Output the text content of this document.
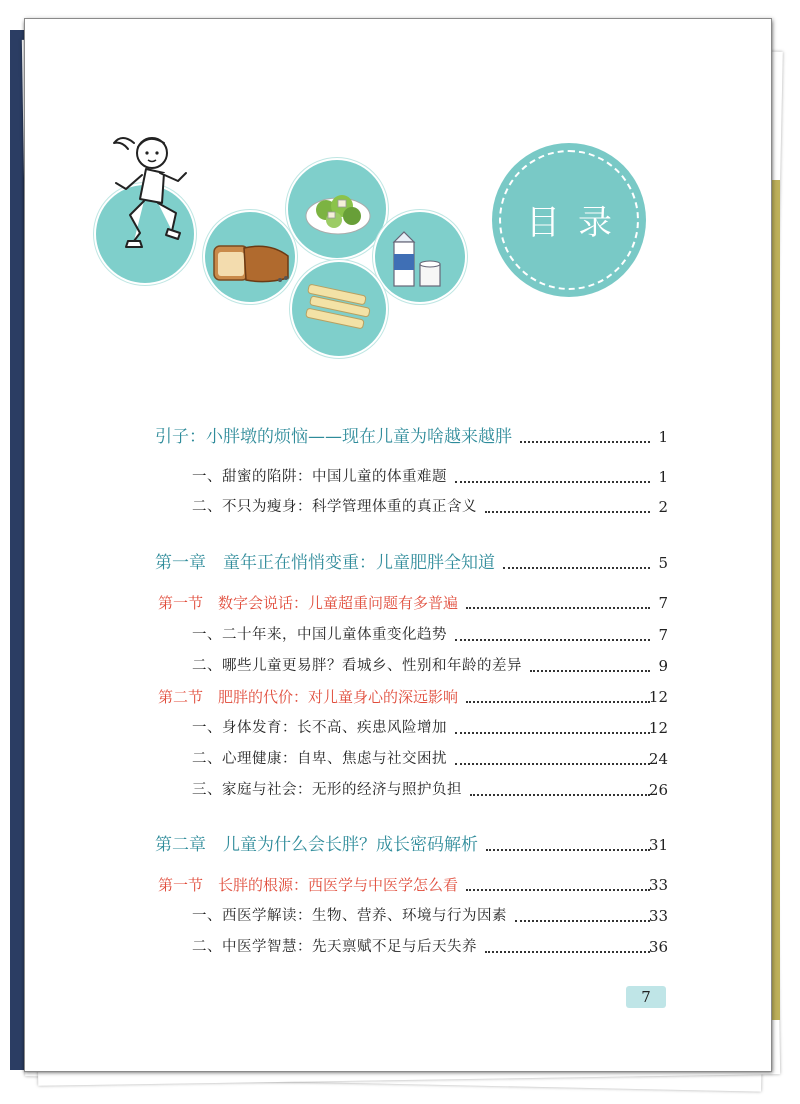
目录
引子：小胖墩的烦恼——现在儿童为啥越来越胖	1
一、甜蜜的陷阱：中国儿童的体重难题	1
二、不只为瘦身：科学管理体重的真正含义	2
第一章　童年正在悄悄变重：儿童肥胖全知道	5
第一节　数字会说话：儿童超重问题有多普遍	7
一、二十年来，中国儿童体重变化趋势	7
二、哪些儿童更易胖？看城乡、性别和年龄的差异	9
第二节　肥胖的代价：对儿童身心的深远影响	12
一、身体发育：长不高、疾患风险增加	12
二、心理健康：自卑、焦虑与社交困扰	24
三、家庭与社会：无形的经济与照护负担	26
第二章　儿童为什么会长胖？成长密码解析	31
第一节　长胖的根源：西医学与中医学怎么看	33
一、西医学解读：生物、营养、环境与行为因素	33
二、中医学智慧：先天禀赋不足与后天失养	36
7
